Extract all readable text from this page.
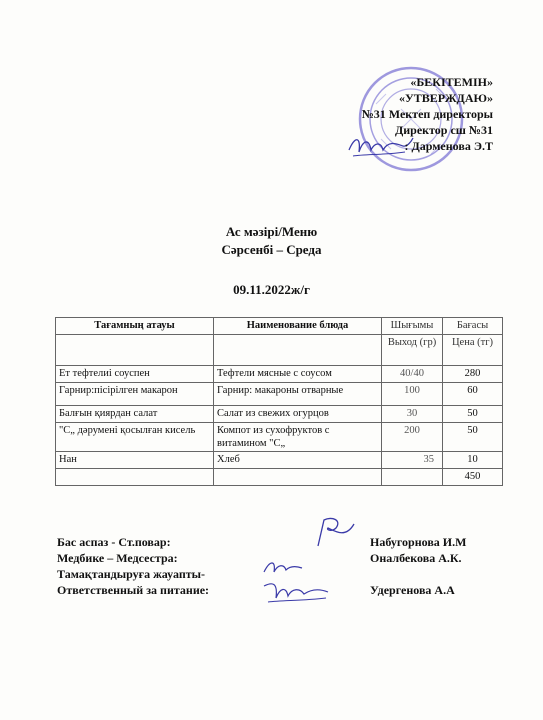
«БЕКІТЕМІН»
«УТВЕРЖДАЮ»
№31 Мектеп директоры
Директор сш №31
: Дарменова Э.Т
Ас мәзірі/Меню
Сәрсенбі – Среда
09.11.2022ж/г
Тағамның атауы	Наименование блюда	Шығымы	Бағасы
		Выход (гр)	Цена (тг)
Ет тефтелиі соуспен	Тефтели мясные с соусом	40/40	280
Гарнир:пісірілген макарон	Гарнир: макароны отварные	100	60
Балғын қиярдан салат	Салат из свежих огурцов	30	50
"С„ дәрумені қосылған кисель	Компот из сухофруктов с витамином "С„	200	50
Нан	Хлеб	35	10
			450
Бас аспаз - Ст.повар:	Набугорнова И.М
Медбике – Медсестра:	Оналбекова А.К.
Тамақтандыруға жауапты-
Ответственный за питание:	Удергенова А.А
